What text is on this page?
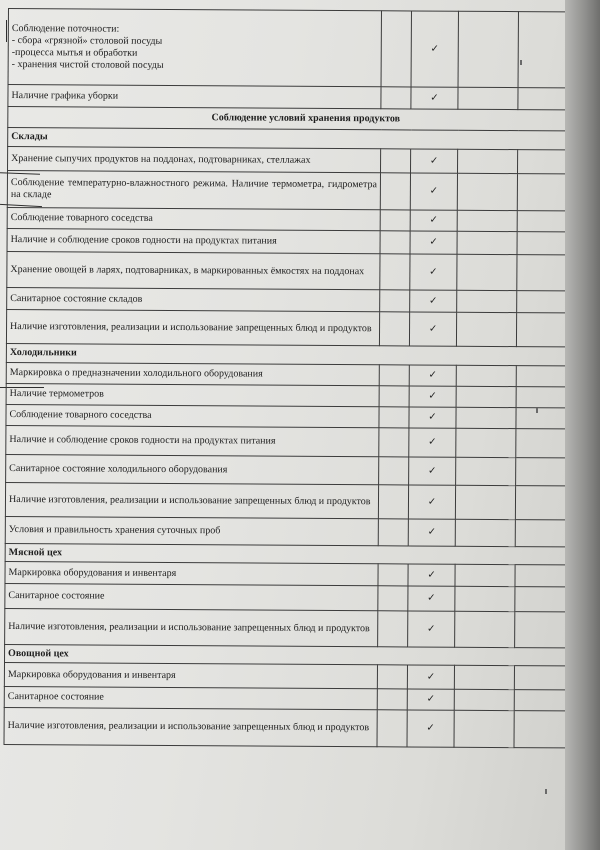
Соблюдение поточности:
- сбора «грязной» столовой посуды
-процесса мытья и обработки
- хранения чистой столовой посуды		✓		
Наличие графика уборки		✓		
Соблюдение условий хранения продуктов				
Склады				
Хранение сыпучих продуктов на поддонах, подтоварниках, стеллажах		✓		
Соблюдение температурно-влажностного режима. Наличие термометра, гидрометра на складе		✓		
Соблюдение товарного соседства		✓		
Наличие и соблюдение сроков годности на продуктах питания		✓		
Хранение овощей в ларях, подтоварниках, в маркированных ёмкостях на поддонах		✓		
Санитарное состояние складов		✓		
Наличие изготовления, реализации и использование запрещенных блюд и продуктов		✓		
Холодильники				
Маркировка о предназначении холодильного оборудования		✓		
Наличие термометров		✓		
Соблюдение товарного соседства		✓		
Наличие и соблюдение сроков годности на продуктах питания		✓		
Санитарное состояние холодильного оборудования		✓		
Наличие изготовления, реализации и использование запрещенных блюд и продуктов		✓		
Условия и правильность хранения суточных проб		✓		
Мясной цех				
Маркировка оборудования и инвентаря		✓		
Санитарное состояние		✓		
Наличие изготовления, реализации и использование запрещенных блюд и продуктов		✓		
Овощной цех				
Маркировка оборудования и инвентаря		✓		
Санитарное состояние		✓		
Наличие изготовления, реализации и использование запрещенных блюд и продуктов		✓		
